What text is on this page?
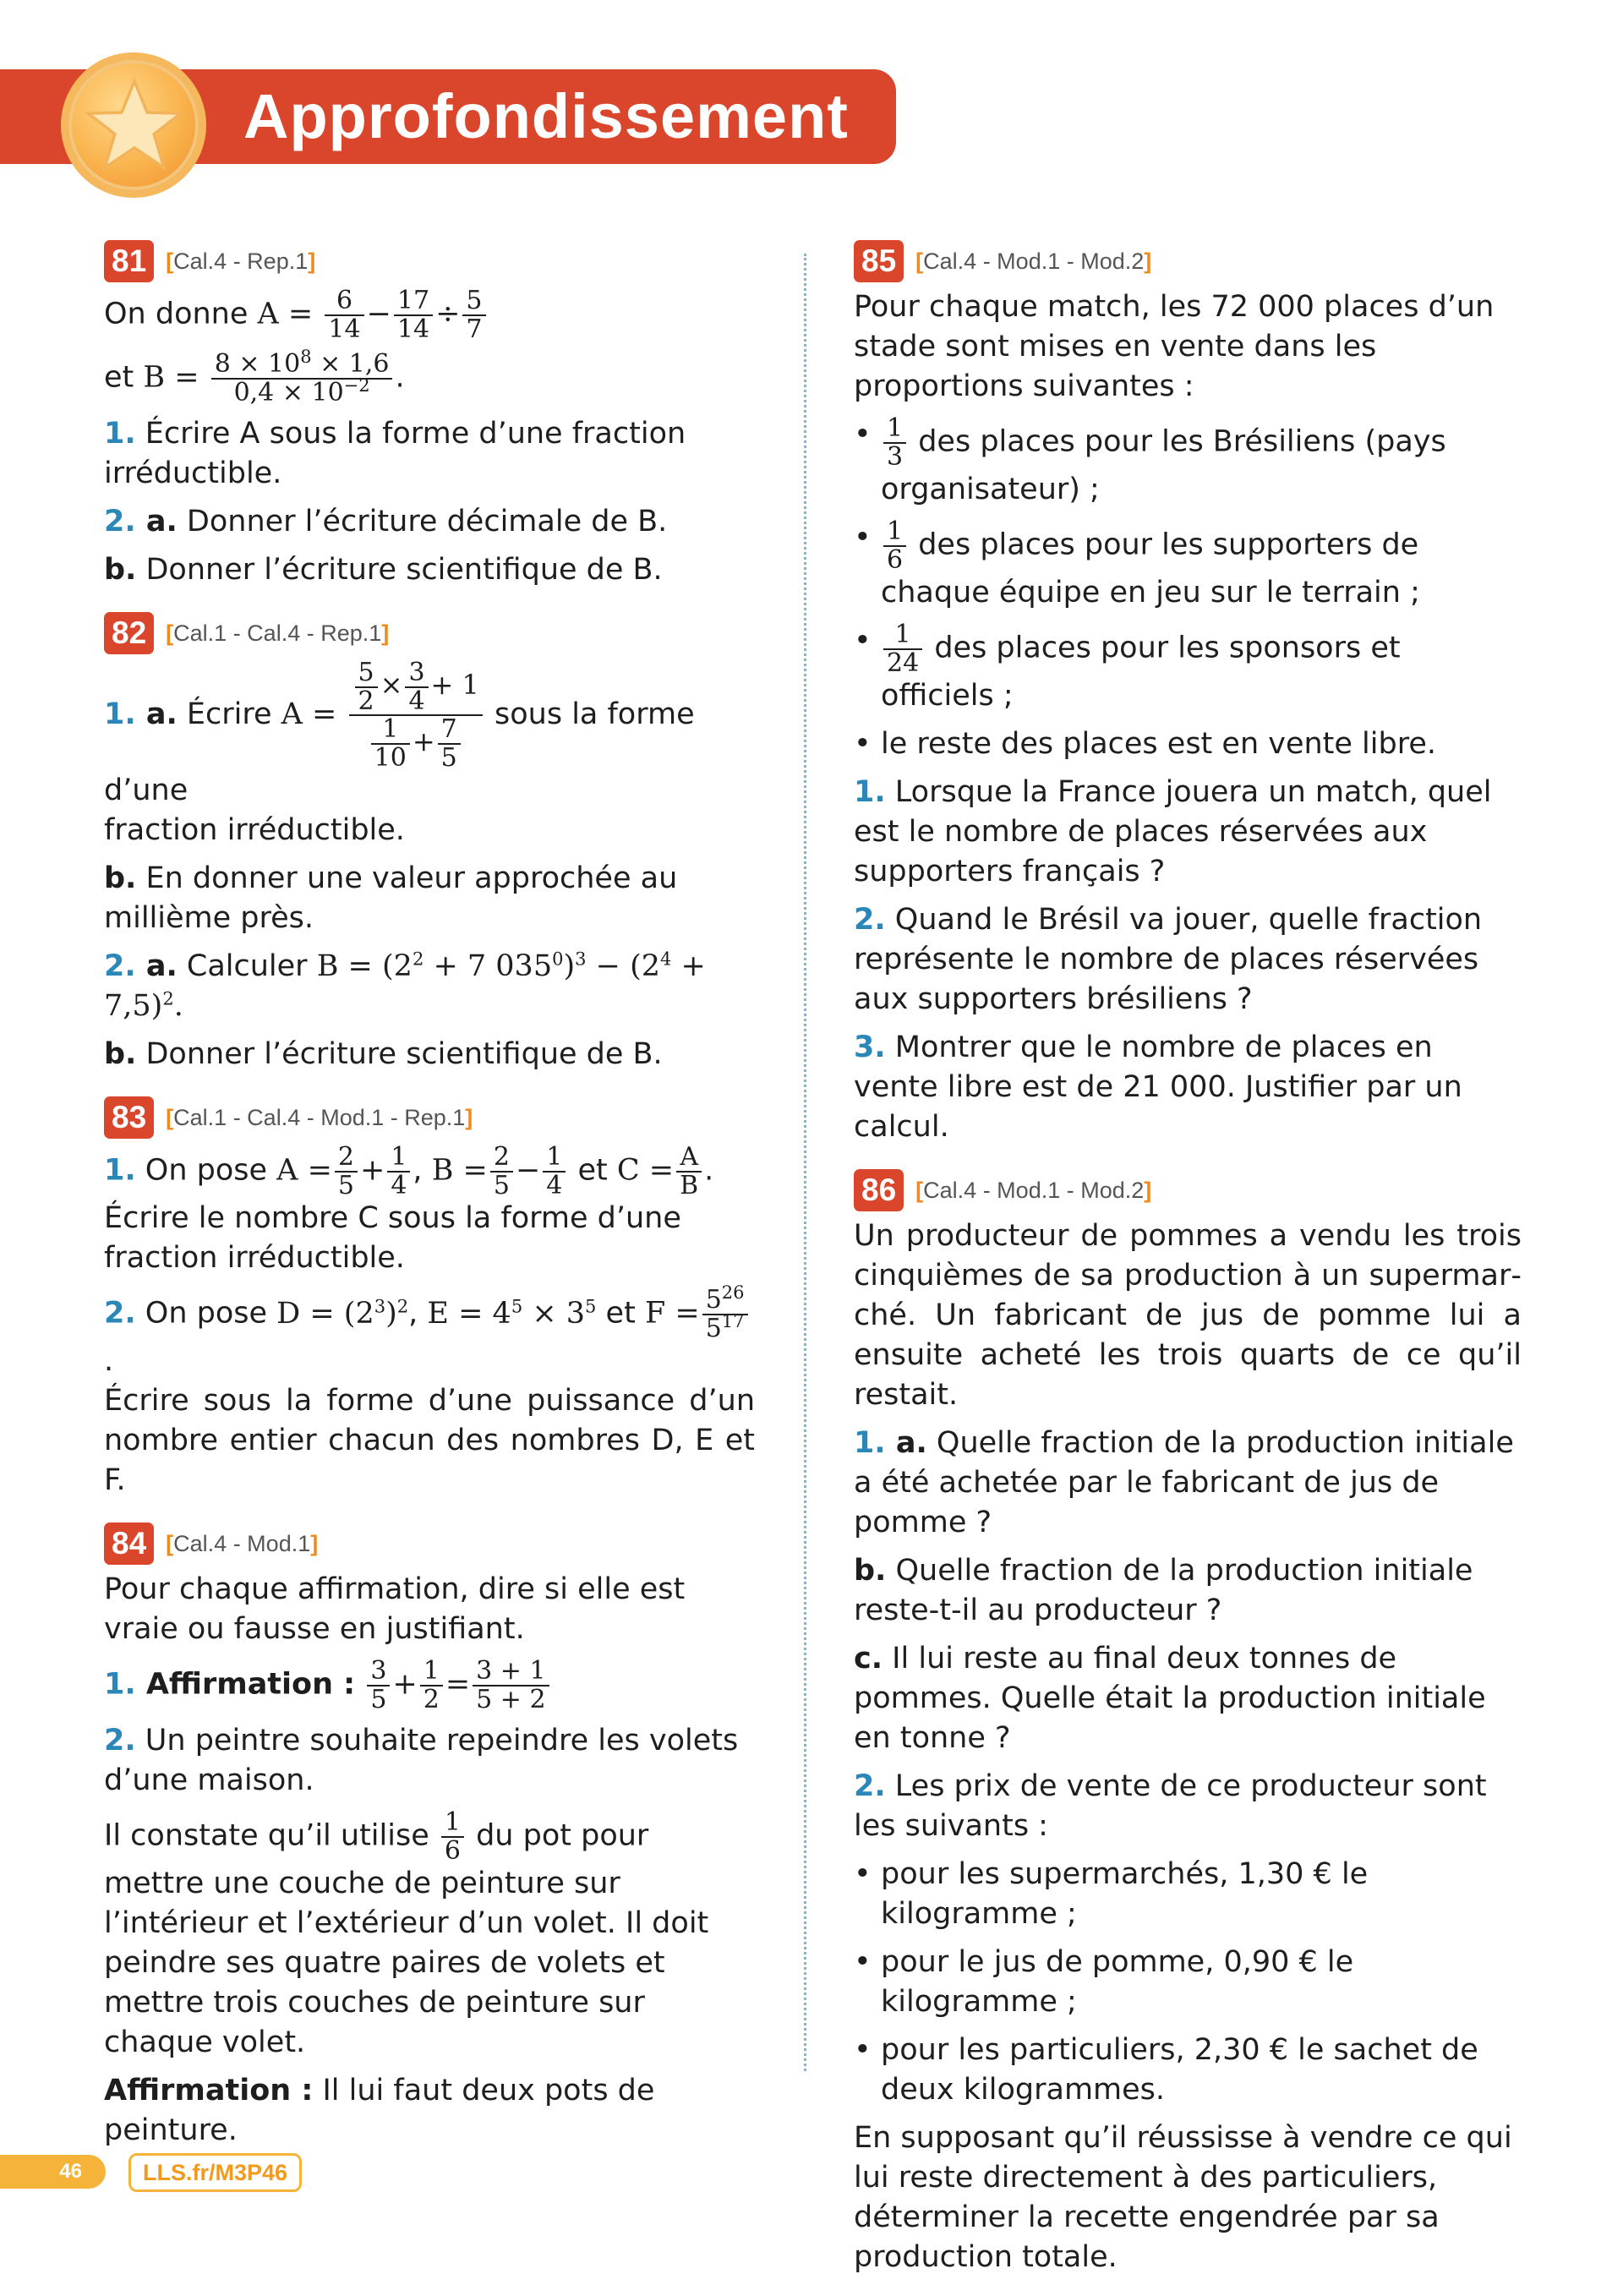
Approfondissement
81 [Cal.4 - Rep.1]
On donne $A = \frac{6}{14} - \frac{17}{14} \div \frac{5}{7}$
et $B = \frac{8 \times 10^8 \times 1,6}{0,4 \times 10^{-2}}$ .
1. Écrire A sous la forme d’une fraction irréductible.
2. a. Donner l’écriture décimale de B.
b. Donner l’écriture scientifique de B.
82 [Cal.1 - Cal.4 - Rep.1]
1. a. Écrire $A = \frac{\frac{5}{2} \times \frac{3}{4} + 1}{\frac{1}{10} + \frac{7}{5}}$ sous la forme d’une
fraction irréductible.
b. En donner une valeur approchée au millième près.
2. a. Calculer $B = (2^2 + 7$ $035^0)^3 - (2^4 + 7,5)^2$.
b. Donner l’écriture scientifique de B.
83 [Cal.1 - Cal.4 - Mod.1 - Rep.1]
1. On pose $A = \frac{2}{5} + \frac{1}{4}$ , $B = \frac{2}{5} - \frac{1}{4}$ et $C = \frac{A}{B}$ .
Écrire le nombre C sous la forme d’une fraction irréductible.
2. On pose $D = (2^3)^2$, $E = 4^5 \times 3^5$ et $F = \frac{5^{26}}{5^{17}}$
.
Écrire sous la forme d’une puissance d’un nombre entier chacun des nombres D, E et F.
84 [Cal.4 - Mod.1]
Pour chaque affirmation, dire si elle est vraie ou fausse en justifiant.
1. Affirmation : $\frac{3}{5} + \frac{1}{2} = \frac{3 + 1}{5 + 2}$
2. Un peintre souhaite repeindre les volets d’une maison.
Il constate qu’il utilise $\frac{1}{6}$ du pot pour mettre une couche de peinture sur l’intérieur et l’extérieur d’un volet. Il doit peindre ses quatre paires de volets et mettre trois couches de peinture sur chaque volet.
Affirmation : Il lui faut deux pots de peinture.
85 [Cal.4 - Mod.1 - Mod.2]
Pour chaque match, les 72 000 places d’un stade sont mises en vente dans les proportions suivantes :
• $\frac{1}{3}$ des places pour les Brésiliens (pays organisateur) ;
• $\frac{1}{6}$ des places pour les supporters de chaque équipe en jeu sur le terrain ;
• $\frac{1}{24}$ des places pour les sponsors et officiels ;
• le reste des places est en vente libre.
1. Lorsque la France jouera un match, quel est le nombre de places réservées aux supporters français ?
2. Quand le Brésil va jouer, quelle fraction représente le nombre de places réservées aux supporters brésiliens ?
3. Montrer que le nombre de places en vente libre est de 21 000. Justifier par un calcul.
86 [Cal.4 - Mod.1 - Mod.2]
Un producteur de pommes a vendu les trois cinquièmes de sa production à un supermarché. Un fabricant de jus de pomme lui a ensuite acheté les trois quarts de ce qu’il restait.
1. a. Quelle fraction de la production initiale a été achetée par le fabricant de jus de pomme ?
b. Quelle fraction de la production initiale reste-t-il au producteur ?
c. Il lui reste au final deux tonnes de pommes. Quelle était la production initiale en tonne ?
2. Les prix de vente de ce producteur sont les suivants :
• pour les supermarchés, 1,30 € le kilogramme ;
• pour le jus de pomme, 0,90 € le kilogramme ;
• pour les particuliers, 2,30 € le sachet de deux kilogrammes.
En supposant qu’il réussisse à vendre ce qui lui reste directement à des particuliers, déterminer la recette engendrée par sa production totale.
46	LLS.fr/M3P46
